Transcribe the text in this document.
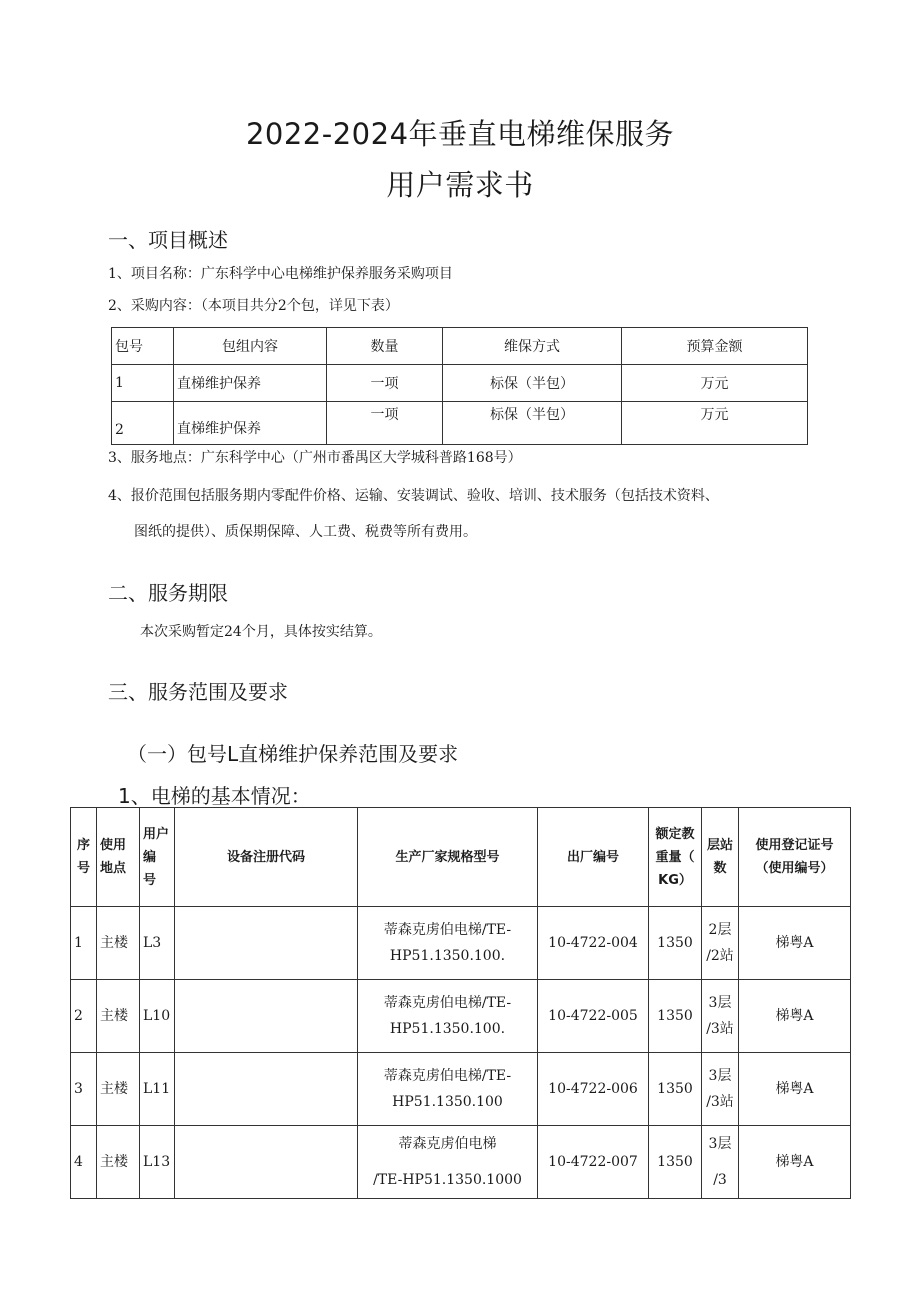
2022-2024年垂直电梯维保服务
用户需求书
一、项目概述
1、项目名称：广东科学中心电梯维护保养服务采购项目
2、采购内容：（本项目共分2个包，详见下表）
包号	包组内容	数量	维保方式	预算金额
1	直梯维护保养	一项	标保（半包）	万元
2	直梯维护保养	一项	标保（半包）	万元
3、服务地点：广东科学中心（广州市番禺区大学城科普路168号）
4、报价范围包括服务期内零配件价格、运输、安装调试、验收、培训、技术服务（包括技术资料、
图纸的提供）、质保期保障、人工费、税费等所有费用。
二、服务期限
本次采购暂定24个月，具体按实结算。
三、服务范围及要求
（一）包号L直梯维护保养范围及要求
1、电梯的基本情况：
序
号	使用
地点	用户
编
号	设备注册代码	生产厂家规格型号	出厂编号	额定教
重量（
KG）	层站
数	使用登记证号
（使用编号）
1	主楼	L3		蒂森克虏伯电梯/TE-
HP51.1350.100.	10-4722-004	1350	2层
/2站	梯粤A
2	主楼	L10		蒂森克虏伯电梯/TE-
HP51.1350.100.	10-4722-005	1350	3层
/3站	梯粤A
3	主楼	L11		蒂森克虏伯电梯/TE-
HP51.1350.100	10-4722-006	1350	3层
/3站	梯粤A
4	主楼	L13		蒂森克虏伯电梯
/TE-HP51.1350.1000	10-4722-007	1350	3层
/3	梯粤A
